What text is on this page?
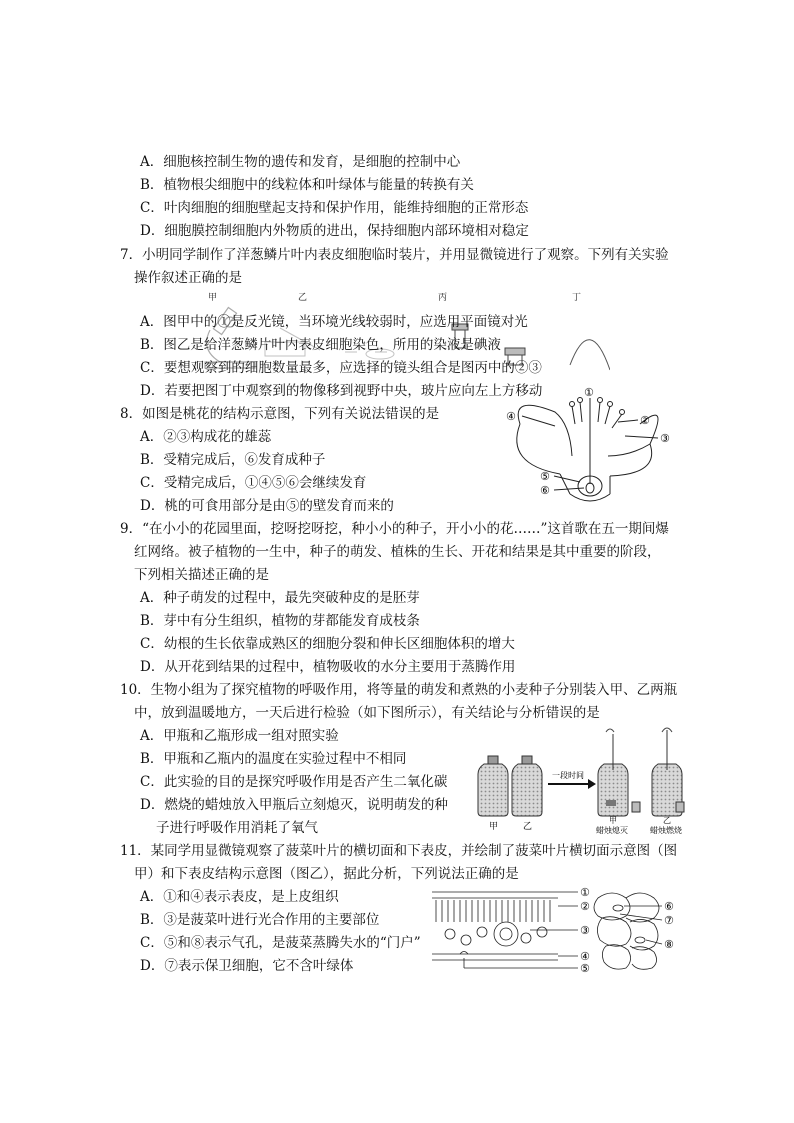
A．细胞核控制生物的遗传和发育，是细胞的控制中心
B．植物根尖细胞中的线粒体和叶绿体与能量的转换有关
C．叶肉细胞的细胞壁起支持和保护作用，能维持细胞的正常形态
D．细胞膜控制细胞内外物质的进出，保持细胞内部环境相对稳定
7．小明同学制作了洋葱鳞片叶内表皮细胞临时装片，并用显微镜进行了观察。下列有关实验
操作叙述正确的是
甲	乙	丙	丁
A．图甲中的①是反光镜，当环境光线较弱时，应选用平面镜对光
B．图乙是给洋葱鳞片叶内表皮细胞染色，所用的染液是碘液
C．要想观察到的细胞数量最多，应选择的镜头组合是图丙中的②③
D．若要把图丁中观察到的物像移到视野中央，玻片应向左上方移动
8．如图是桃花的结构示意图，下列有关说法错误的是
A．②③构成花的雄蕊
B．受精完成后，⑥发育成种子
C．受精完成后，①④⑤⑥会继续发育
D．桃的可食用部分是由⑤的壁发育而来的
①
②
③
④
⑤
⑥
9．“在小小的花园里面，挖呀挖呀挖，种小小的种子，开小小的花……”这首歌在五一期间爆
红网络。被子植物的一生中，种子的萌发、植株的生长、开花和结果是其中重要的阶段，
下列相关描述正确的是
A．种子萌发的过程中，最先突破种皮的是胚芽
B．芽中有分生组织，植物的芽都能发育成枝条
C．幼根的生长依靠成熟区的细胞分裂和伸长区细胞体积的增大
D．从开花到结果的过程中，植物吸收的水分主要用于蒸腾作用
10．生物小组为了探究植物的呼吸作用，将等量的萌发和煮熟的小麦种子分别装入甲、乙两瓶
中，放到温暖地方，一天后进行检验（如下图所示），有关结论与分析错误的是
A．甲瓶和乙瓶形成一组对照实验
B．甲瓶和乙瓶内的温度在实验过程中不相同
C．此实验的目的是探究呼吸作用是否产生二氧化碳
D．燃烧的蜡烛放入甲瓶后立刻熄灭，说明萌发的种
子进行呼吸作用消耗了氧气	甲	乙
一段时间
甲	乙
蜡烛熄灭	蜡烛燃烧
11．某同学用显微镜观察了菠菜叶片的横切面和下表皮，并绘制了菠菜叶片横切面示意图（图
甲）和下表皮结构示意图（图乙），据此分析，下列说法正确的是
A．①和④表示表皮，是上皮组织
B．③是菠菜叶进行光合作用的主要部位
C．⑤和⑧表示气孔，是菠菜蒸腾失水的“门户”
D．⑦表示保卫细胞，它不含叶绿体
①
②
③
④
⑤
⑥
⑦
⑧
